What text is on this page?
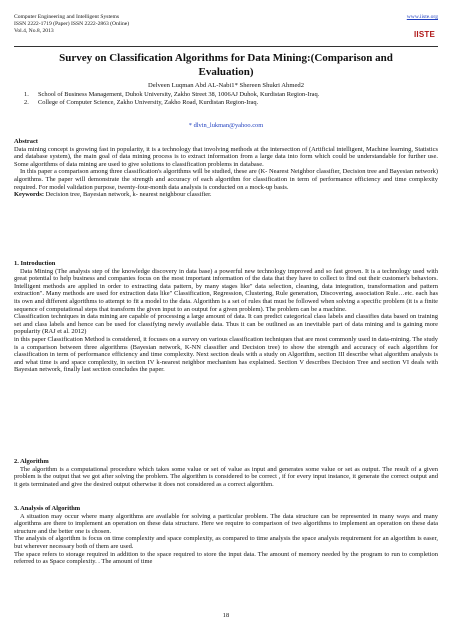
Computer Engineering and Intelligent Systems
ISSN 2222-1719 (Paper) ISSN 2222-2863 (Online)
Vol.4, No.8, 2013
www.iiste.org
IISTE
Survey on Classification Algorithms for Data Mining:(Comparison and Evaluation)
Delveen Luqman Abd AL-Nabi1* Shereen Shukri Ahmed2
1.	School of Business Management, Duhok University, Zakho Street 38, 1006AJ Duhok, Kurdistan Region-Iraq.
2.	College of Computer Science, Zakho University, Zakho Road, Kurdistan Region-Iraq.
* dlvin_lukman@yahoo.com

Abstract

Data mining concept is growing fast in popularity, it is a technology that involving methods at the intersection of (Artificial intelligent, Machine learning, Statistics and database system), the main goal of data mining process is to extract information from a large data into form which could be understandable for further use. Some algorithms of data mining are used to give solutions to classification problems in database.

In this paper a comparison among three classification's algorithms will be studied, these are (K- Nearest Neighbor classifier, Decision tree and Bayesian network) algorithms. The paper will demonstrate the strength and accuracy of each algorithm for classification in term of performance efficiency and time complexity required. For model validation purpose, twenty-four-month data analysis is conducted on a mock-up basis.

Keywords: Decision tree, Bayesian network, k- nearest neighbour classifier.

1. Introduction

Data Mining (The analysis step of the knowledge discovery in data base) a powerful new technology improved and so fast grown. It is a technology used with great potential to help business and companies focus on the most important information of the data that they have to collect to find out their customer's behaviors. Intelligent methods are applied in order to extracting data pattern, by many stages like" data selection, cleaning, data integration, transformation and pattern extraction". Many methods are used for extraction data like" Classification, Regression, Clustering, Rule generation, Discovering, association Rule…etc. each has its own and different algorithms to attempt to fit a model to the data. Algorithm is a set of rules that must be followed when solving a specific problem (it is a finite sequence of computational steps that transform the given input to an output for a given problem). The problem can be a machine.

Classification techniques in data mining are capable of processing a large amount of data. It can predict categorical class labels and classifies data based on training set and class labels and hence can be used for classifying newly available data. Thus it can be outlined as an inevitable part of data mining and is gaining more popularity (RAJ et al. 2012)

in this paper Classification Method is considered, it focuses on a survey on various classification techniques that are most commonly used in data-mining. The study is a comparison between three algorithms (Bayesian network, K-NN classifier and Decision tree) to show the strength and accuracy of each algorithm for classification in term of performance efficiency and time complexity. Next section deals with a study on Algorithm, section III describe what algorithm analysis is and what time is and space complexity, in section IV k-nearest neighbor mechanism has explained. Section V describes Decision Tree and section VI deals with Bayesian network, finally last section concludes the paper.

2. Algorithm

The algorithm is a computational procedure which takes some value or set of value as input and generates some value or set as output. The result of a given problem is the output that we got after solving the problem. The algorithm is considered to be correct , if for every input instance, it generate the correct output and it gets terminated and give the desired output otherwise it does not considered as a correct algorithm.

3. Analysis of Algorithm

A situation may occur where many algorithms are available for solving a particular problem. The data structure can be represented in many ways and many algorithms are there to implement an operation on these data structure. Here we require to comparison of two algorithms to implement an operation on these data structure and the better one is chosen.

The analysis of algorithm is focus on time complexity and space complexity, as compared to time analysis the space analysis requirement for an algorithm is easer, but wherever necessary both of them are used.

The space refers to storage required in addition to the space required to store the input data. The amount of memory needed by the program to run to completion referred to as Space complexity. . The amount of time

18
